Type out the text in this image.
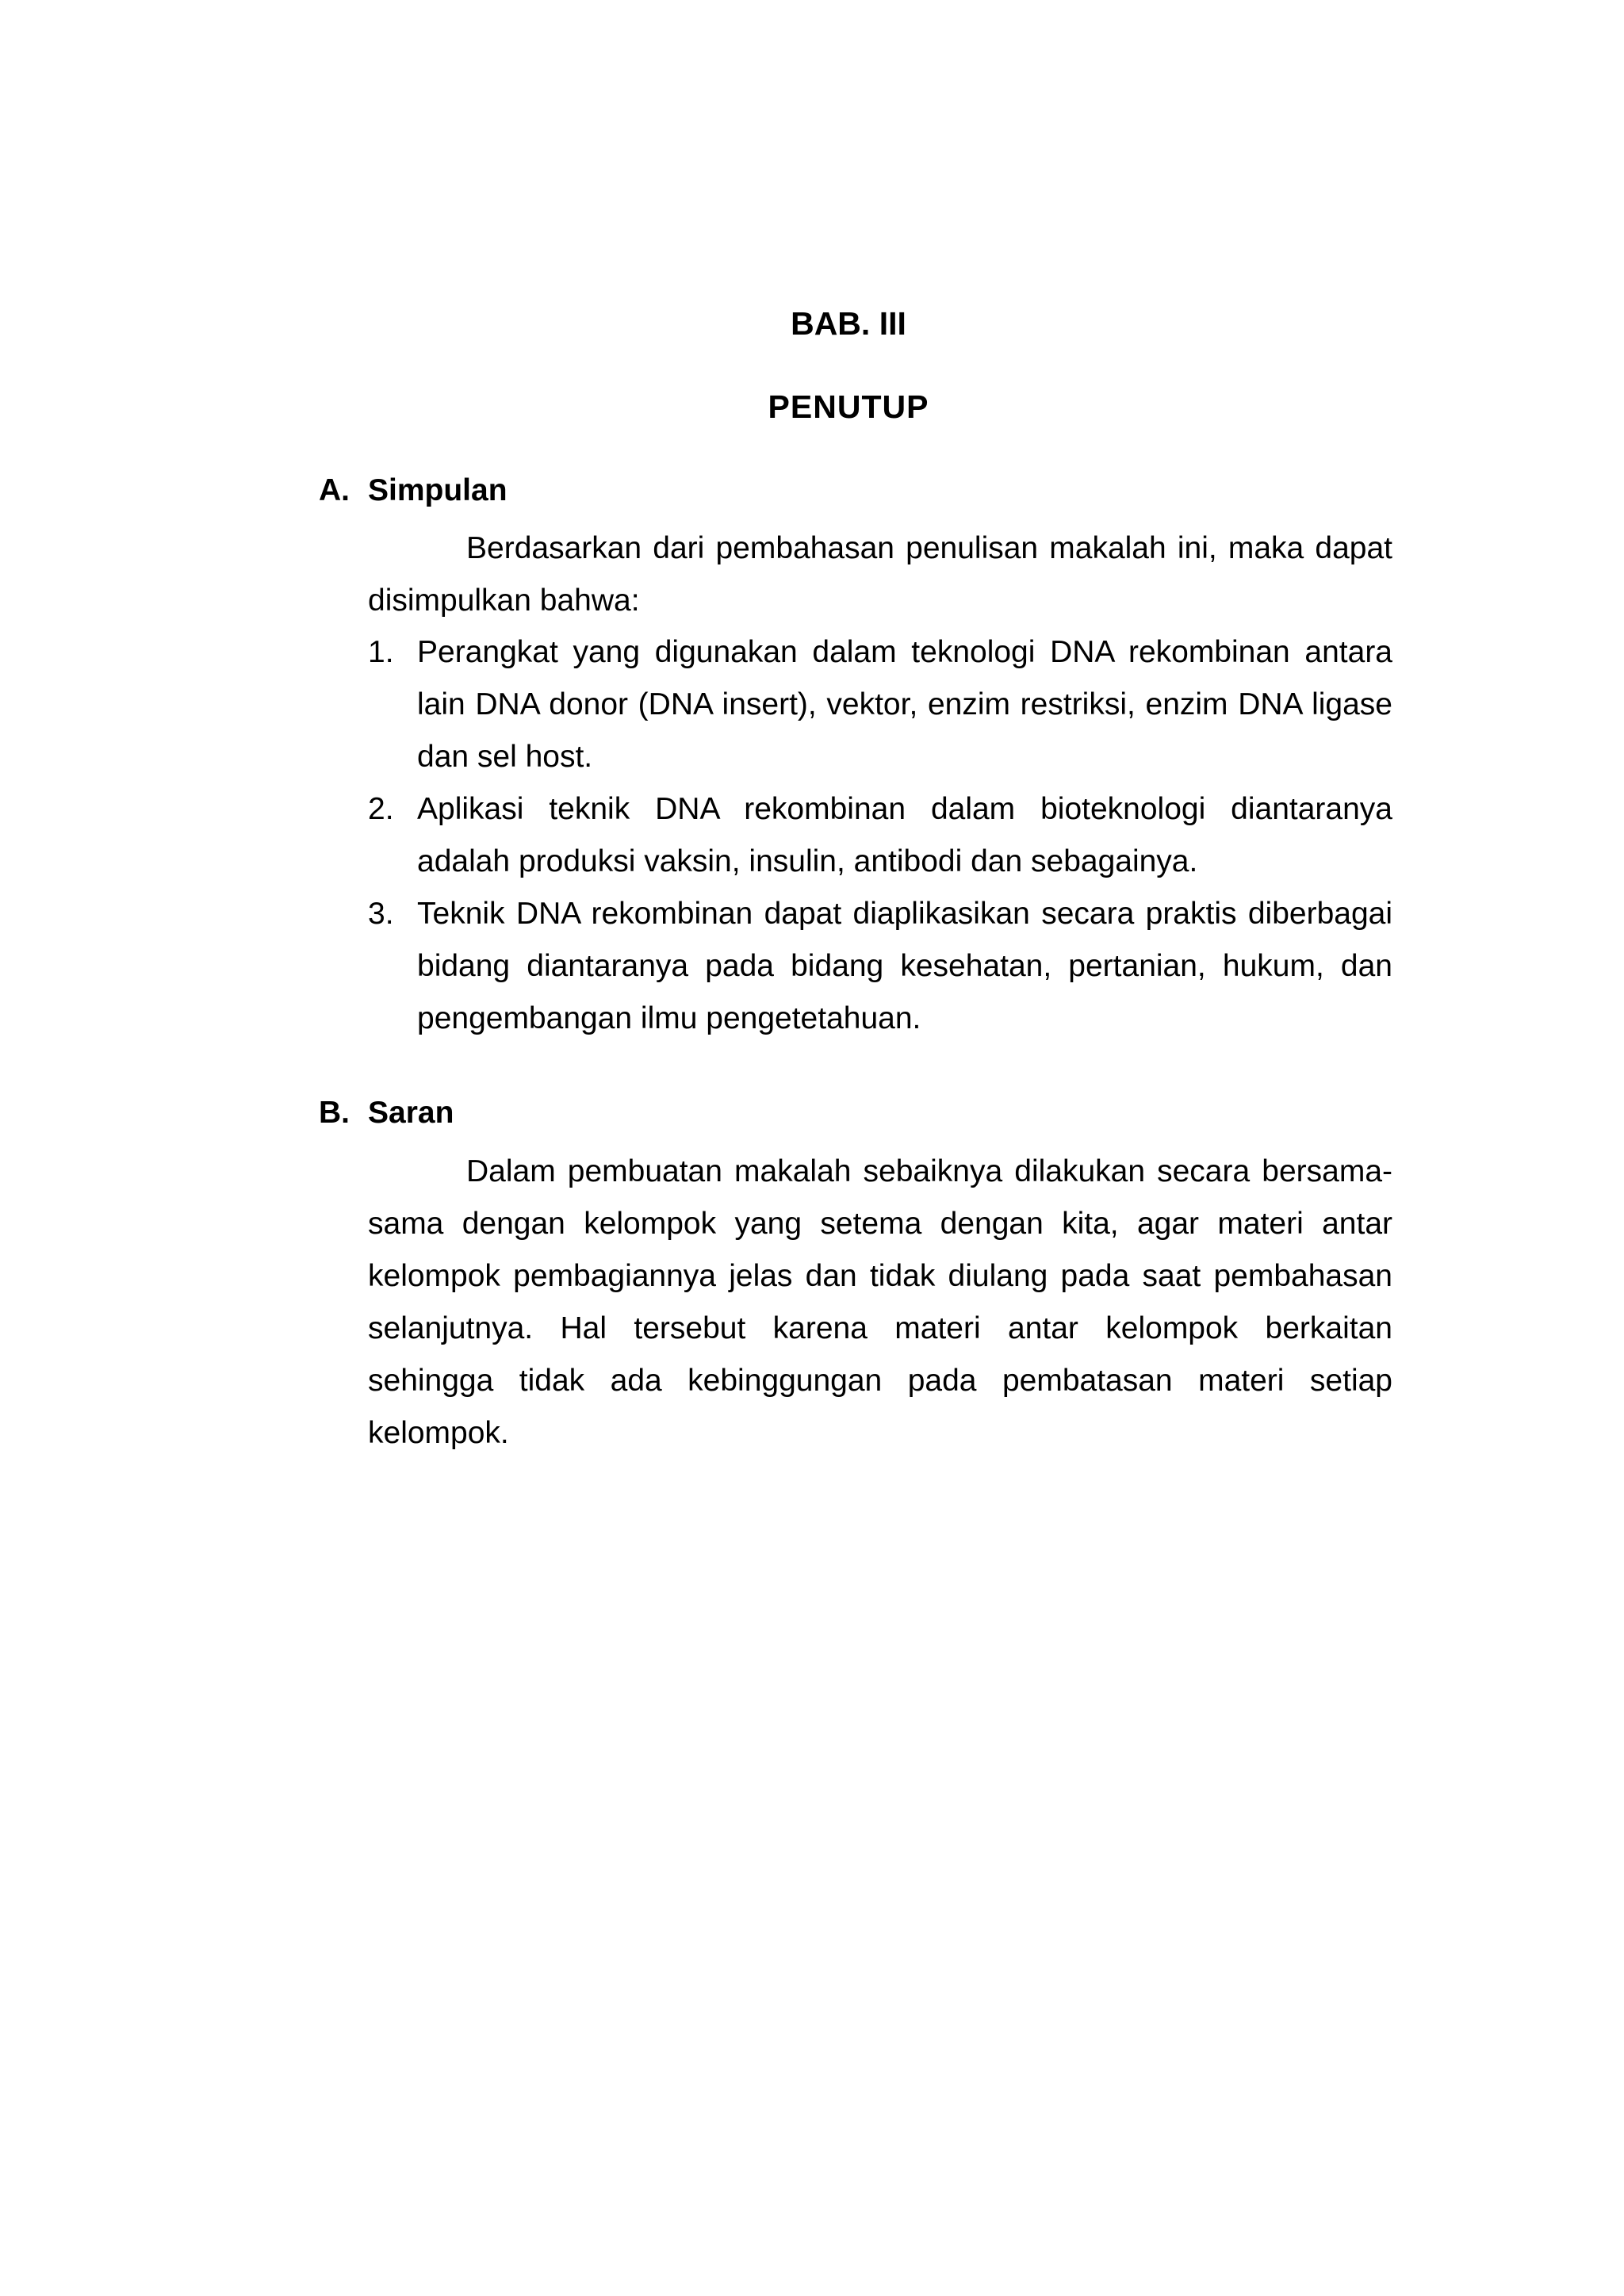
BAB. III
PENUTUP
A. Simpulan
Berdasarkan dari pembahasan penulisan makalah ini, maka dapat disimpulkan bahwa:
1. Perangkat yang digunakan dalam teknologi DNA rekombinan antara lain DNA donor (DNA insert), vektor, enzim restriksi, enzim DNA ligase dan sel host.
2. Aplikasi teknik DNA rekombinan dalam bioteknologi diantaranya adalah produksi vaksin, insulin, antibodi dan sebagainya.
3. Teknik DNA rekombinan dapat diaplikasikan secara praktis diberbagai bidang diantaranya pada bidang kesehatan, pertanian, hukum, dan pengembangan ilmu pengetetahuan.
B. Saran
Dalam pembuatan makalah sebaiknya dilakukan secara bersama-sama dengan kelompok yang setema dengan kita, agar materi antar kelompok pembagiannya jelas dan tidak diulang pada saat pembahasan selanjutnya. Hal tersebut karena materi antar kelompok berkaitan sehingga tidak ada kebinggungan pada pembatasan materi setiap kelompok.
